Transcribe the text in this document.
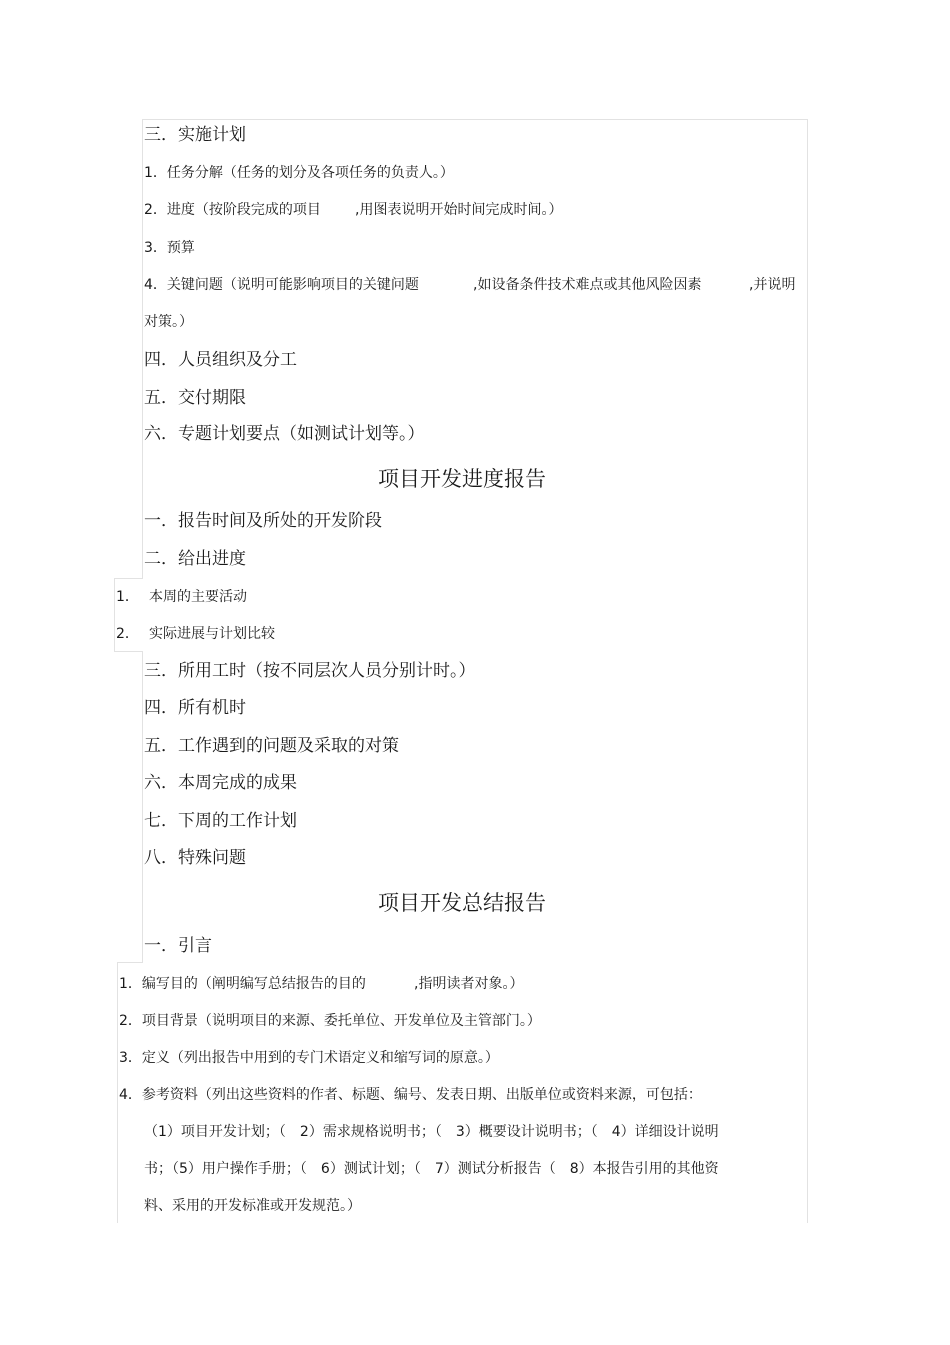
三．实施计划
1．任务分解（任务的划分及各项任务的负责人。）
2．进度（按阶段完成的项目 ,用图表说明开始时间完成时间。）
3．预算
4．关键问题（说明可能影响项目的关键问题	,如设备条件技术难点或其他风险因素	,并说明
对策。）
四．人员组织及分工
五．交付期限
六．专题计划要点（如测试计划等。）
项目开发进度报告
一．报告时间及所处的开发阶段
二．给出进度
1． 本周的主要活动
2． 实际进展与计划比较
三．所用工时（按不同层次人员分别计时。）
四．所有机时
五．工作遇到的问题及采取的对策
六．本周完成的成果
七．下周的工作计划
八．特殊问题
项目开发总结报告
一．引言
1．编写目的（阐明编写总结报告的目的	,指明读者对象。）
2．项目背景（说明项目的来源、委托单位、开发单位及主管部门。）
3．定义（列出报告中用到的专门术语定义和缩写词的原意。）
4．参考资料（列出这些资料的作者、标题、编号、发表日期、出版单位或资料来源，可包括：
（1）项目开发计划；（　2）需求规格说明书；（　3）概要设计说明书；（　4）详细设计说明
书；（5）用户操作手册；（　6）测试计划；（　7）测试分析报告（　8）本报告引用的其他资
料、采用的开发标准或开发规范。）
